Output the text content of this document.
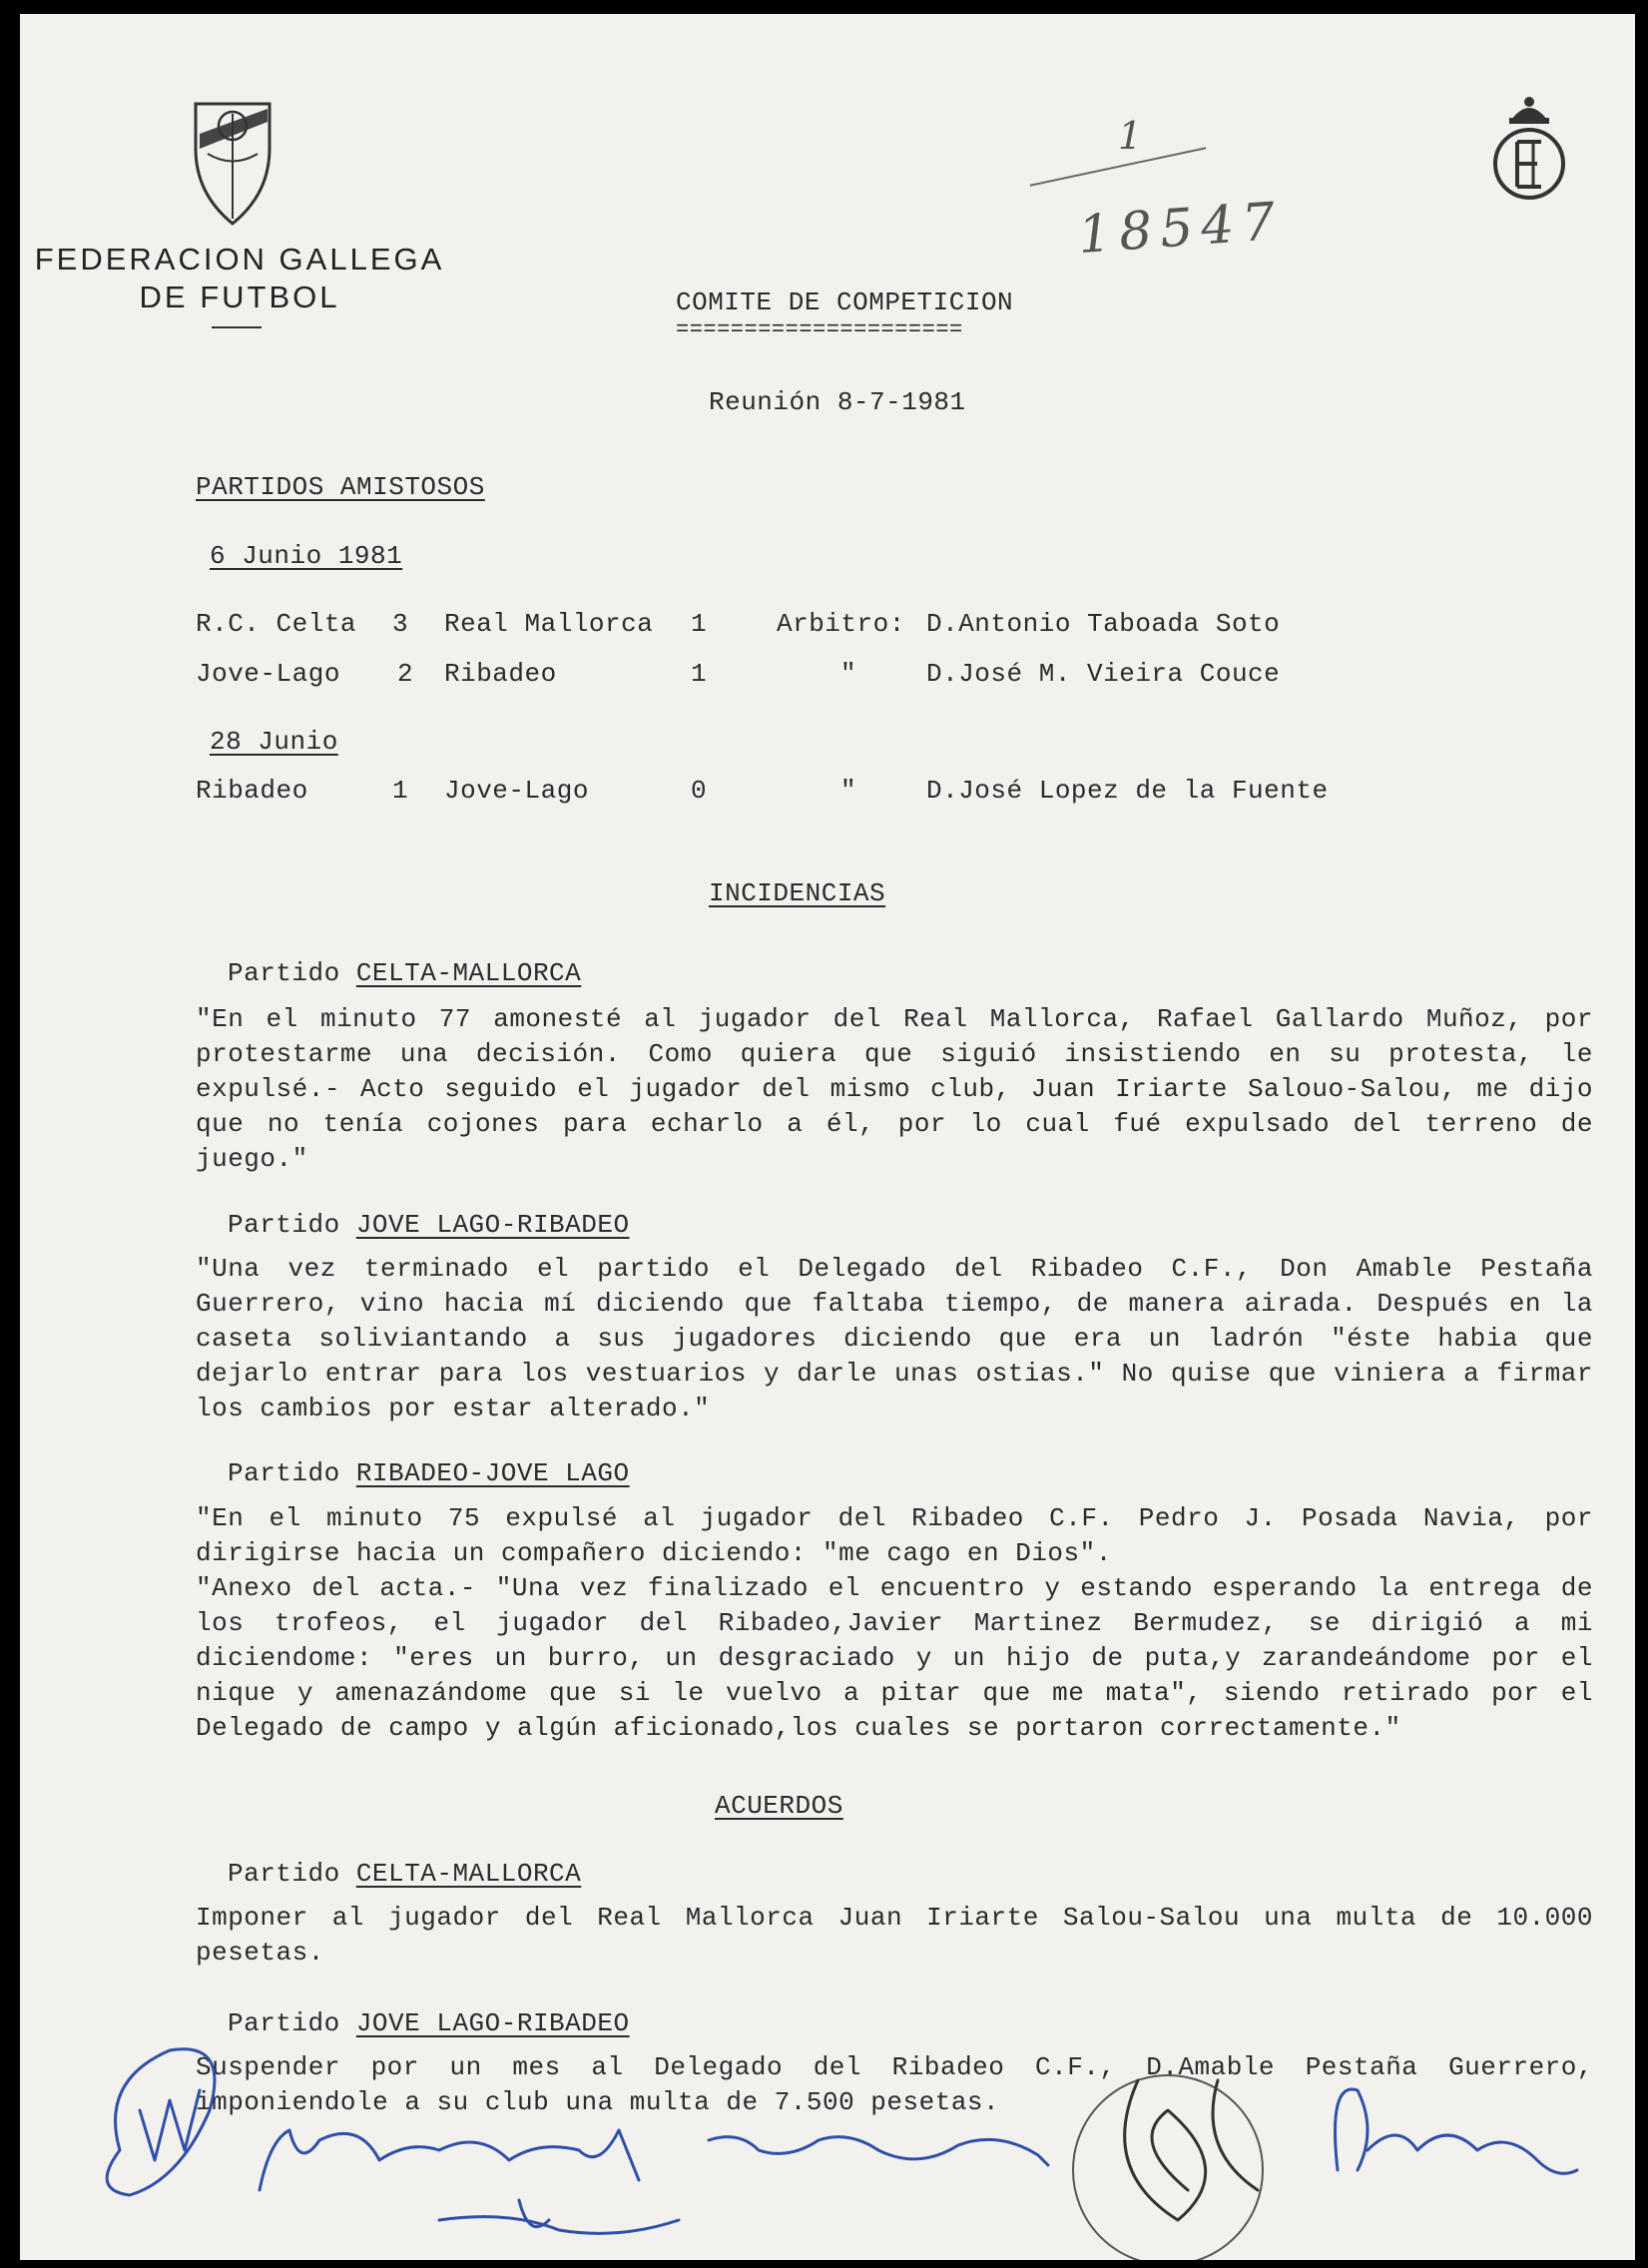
FEDERACION GALLEGA
DE FUTBOL
1
18547
COMITE DE COMPETICION
=====================
Reunión 8-7-1981
PARTIDOS AMISTOSOS
6 Junio 1981
R.C. Celta 3 Real Mallorca 1	Arbitro: D.Antonio Taboada Soto
Jove-Lago 2 Ribadeo	1	"	D.José M. Vieira Couce
28 Junio
Ribadeo	1 Jove-Lago	0	"	D.José Lopez de la Fuente
INCIDENCIAS
Partido CELTA-MALLORCA

"En el minuto 77 amonesté al jugador del Real Mallorca, Rafael Gallardo Muñoz, por protestarme una decisión. Como quiera que siguió insistiendo en su protesta, le expulsé.- Acto seguido el jugador del mismo club, Juan Iriarte Salouo-Salou, me dijo que no tenía cojones para echarlo a él, por lo cual fué expulsado del terreno de juego."

Partido JOVE LAGO-RIBADEO

"Una vez terminado el partido el Delegado del Ribadeo C.F., Don Amable Pestaña Guerrero, vino hacia mí diciendo que faltaba tiempo, de manera airada. Después en la caseta soliviantando a sus jugadores diciendo que era un ladrón "éste habia que dejarlo entrar para los vestuarios y darle unas ostias." No quise que viniera a firmar los cambios por estar alterado."

Partido RIBADEO-JOVE LAGO

"En el minuto 75 expulsé al jugador del Ribadeo C.F. Pedro J. Posada Navia, por dirigirse hacia un compañero diciendo: "me cago en Dios".

"Anexo del acta.- "Una vez finalizado el encuentro y estando esperando la entrega de los trofeos, el jugador del Ribadeo,Javier Martinez Bermudez, se dirigió a mi diciendome: "eres un burro, un desgraciado y un hijo de puta,y zarandeándome por el nique y amenazándome que si le vuelvo a pitar que me mata", siendo retirado por el Delegado de campo y algún aficionado,los cuales se portaron correctamente."

ACUERDOS
Partido CELTA-MALLORCA

Imponer al jugador del Real Mallorca Juan Iriarte Salou-Salou una multa de 10.000 pesetas.

Partido JOVE LAGO-RIBADEO

Suspender por un mes al Delegado del Ribadeo C.F., D.Amable Pestaña Guerrero, imponiendole a su club una multa de 7.500 pesetas.
